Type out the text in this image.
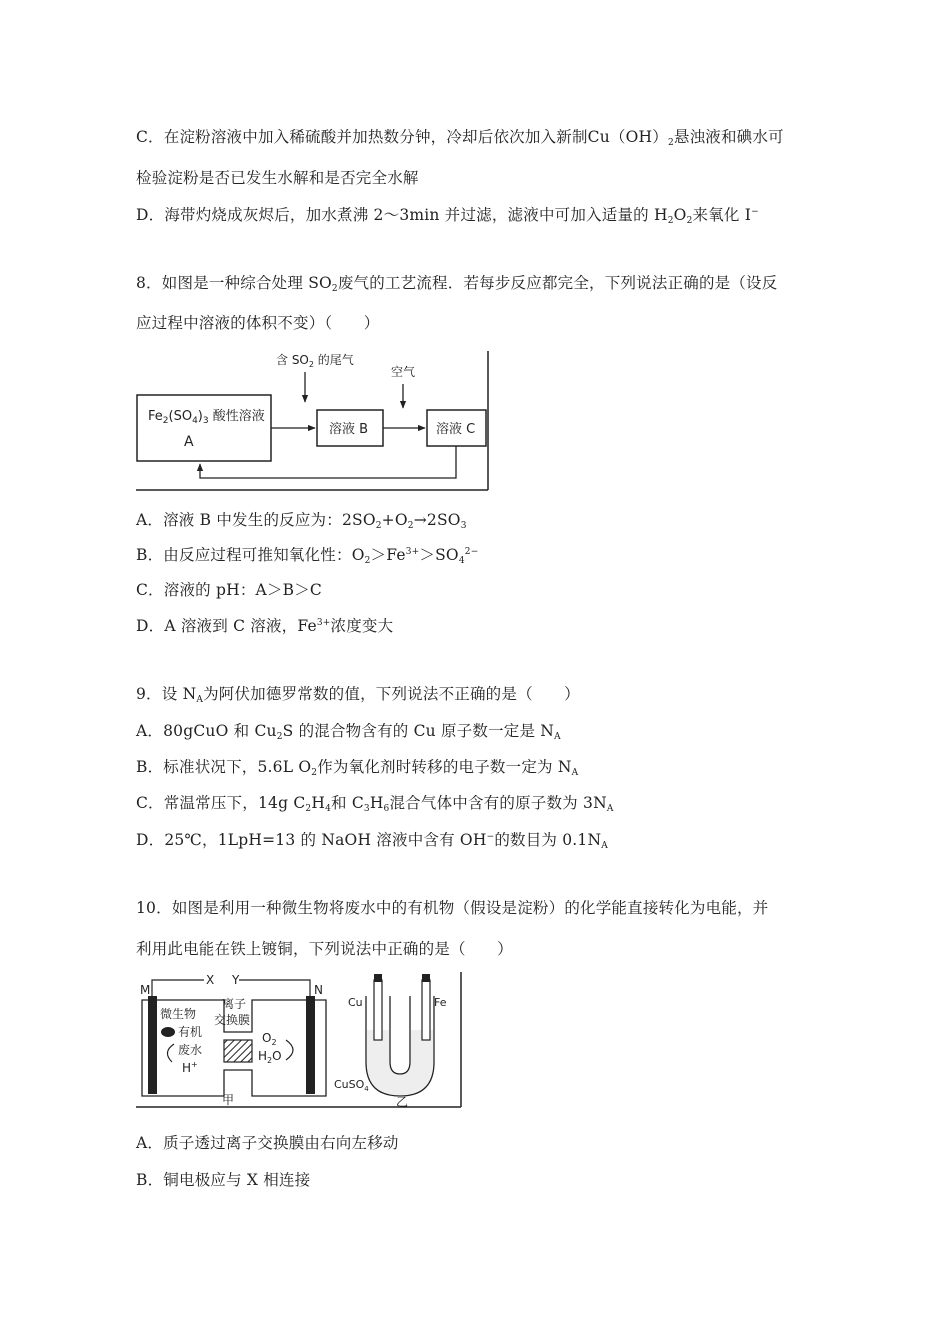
C．在淀粉溶液中加入稀硫酸并加热数分钟，冷却后依次加入新制$Cu(OH)_2$悬浊液和碘水可
检验淀粉是否已发生水解和是否完全水解
D．海带灼烧成灰烬后，加水煮沸 2～3min 并过滤，滤液中可加入适量的 $H_2O_2$来氧化 I−
8．如图是一种综合处理 $SO_2$废气的工艺流程．若每步反应都完全，下列说法正确的是（设反
应过程中溶液的体积不变）（　　）
$Fe_2(SO_4)_3$ 酸性溶液
A
溶液 B	溶液 C
含 $SO_2$ 的尾气
空气
A．溶液 B 中发生的反应为：$2SO_2+O_2\to 2SO_3$
B．由反应过程可推知氧化性：$O_2>Fe^{3+}>SO_4^{2-}$
C．溶液的 pH：A＞B＞C
D．A 溶液到 C 溶液，$Fe^{3+}$浓度变大
9．设 $N_A$为阿伏加德罗常数的值，下列说法不正确的是（　　）
A．80gCuO 和 $Cu_2S$ 的混合物含有的 Cu 原子数一定是 $N_A$
B．标准状况下，5.6L $O_2$作为氧化剂时转移的电子数一定为 $N_A$
C．常温常压下，14g $C_2H_4$和 $C_3H_6$混合气体中含有的原子数为 $3N_A$
D．25℃，1LpH=13 的 NaOH 溶液中含有 OH−的数目为 $0.1N_A$
10．如图是利用一种微生物将废水中的有机物（假设是淀粉）的化学能直接转化为电能，并
利用此电能在铁上镀铜，下列说法中正确的是（　　）
M
X Y
N
离子
交换膜
微生物
有机
废水
H+
$O_2$
$H_2O$
甲
Cu	Fe
CuSO$_4$
乙
A．质子透过离子交换膜由右向左移动
B．铜电极应与 X 相连接
